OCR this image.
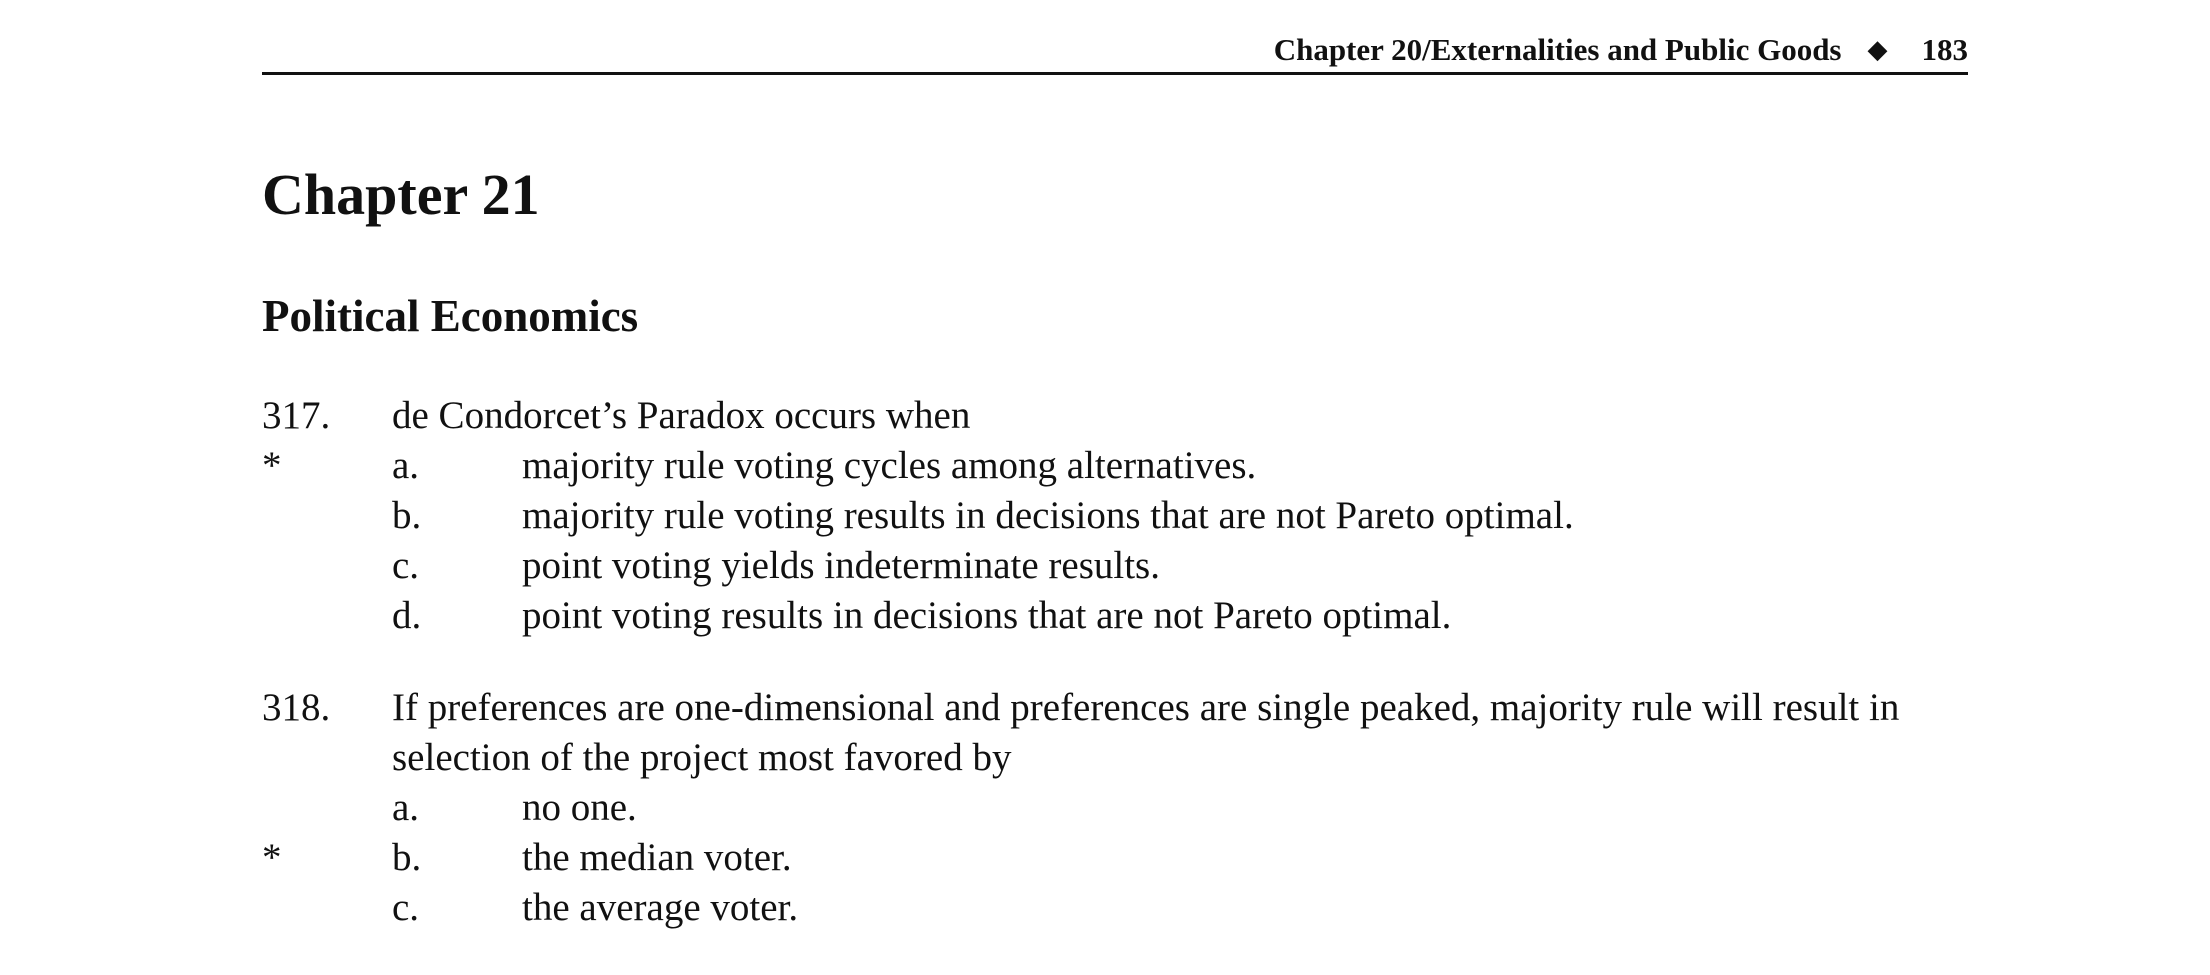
Chapter 20/Externalities and Public Goods ◆ 183
Chapter 21
Political Economics
317.	de Condorcet’s Paradox occurs when
*	a.	majority rule voting cycles among alternatives.
b.	majority rule voting results in decisions that are not Pareto optimal.
c.	point voting yields indeterminate results.
d.	point voting results in decisions that are not Pareto optimal.
318.	If preferences are one-dimensional and preferences are single peaked, majority rule will result in selection of the project most favored by
a.	no one.
*	b.	the median voter.
c.	the average voter.
